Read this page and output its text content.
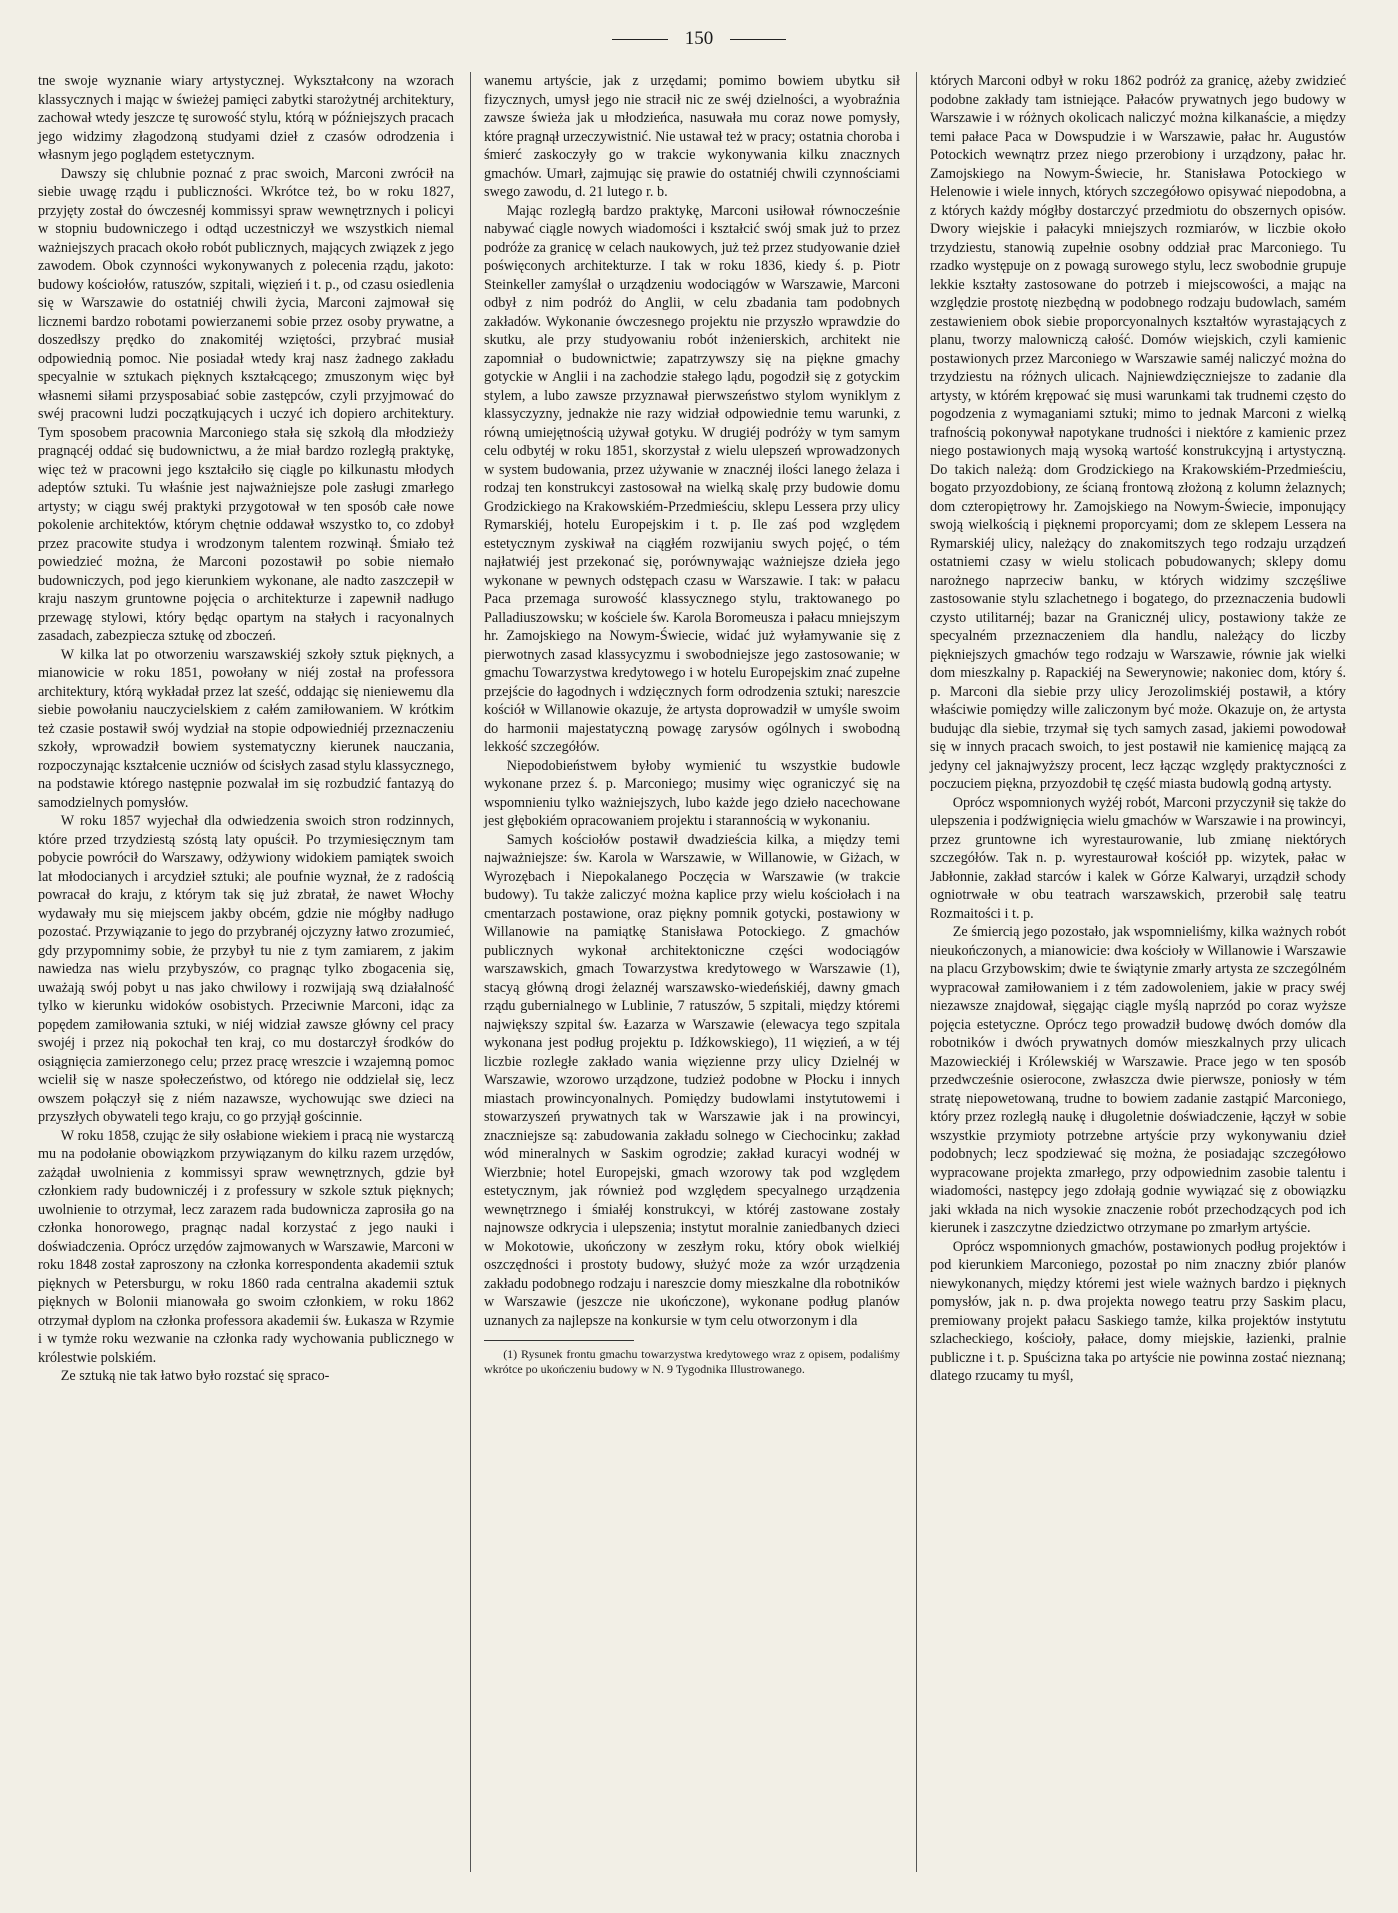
150

tne swoje wyznanie wiary artystycznej. Wykształcony na wzorach klassycznych i mając w świeżej pamięci zabytki starożytnéj architektury, zachował wtedy jeszcze tę surowość stylu, którą w późniejszych pracach jego widzimy złagodzoną studyami dzieł z czasów odrodzenia i własnym jego poglądem estetycznym.

Dawszy się chlubnie poznać z prac swoich, Marconi zwrócił na siebie uwagę rządu i publiczności. Wkrótce też, bo w roku 1827, przyjęty został do ówczesnéj kommissyi spraw wewnętrznych i policyi w stopniu budowniczego i odtąd uczestniczył we wszystkich niemal ważniejszych pracach około robót publicznych, mających związek z jego zawodem. Obok czynności wykonywanych z polecenia rządu, jakoto: budowy kościołów, ratuszów, szpitali, więzień i t. p., od czasu osiedlenia się w Warszawie do ostatniéj chwili życia, Marconi zajmował się licznemi bardzo robotami powierzanemi sobie przez osoby prywatne, a doszedłszy prędko do znakomitéj wziętości, przybrać musiał odpowiednią pomoc. Nie posiadał wtedy kraj nasz żadnego zakładu specyalnie w sztukach pięknych kształcącego; zmuszonym więc był własnemi siłami przysposabiać sobie zastępców, czyli przyjmować do swéj pracowni ludzi początkujących i uczyć ich dopiero architektury. Tym sposobem pracownia Marconiego stała się szkołą dla młodzieży pragnącéj oddać się budownictwu, a że miał bardzo rozległą praktykę, więc też w pracowni jego kształciło się ciągle po kilkunastu młodych adeptów sztuki. Tu właśnie jest najważniejsze pole zasługi zmarłego artysty; w ciągu swéj praktyki przygotował w ten sposób całe nowe pokolenie architektów, którym chętnie oddawał wszystko to, co zdobył przez pracowite studya i wrodzonym talentem rozwinął. Śmiało też powiedzieć można, że Marconi pozostawił po sobie niemało budowniczych, pod jego kierunkiem wykonane, ale nadto zaszczepił w kraju naszym gruntowne pojęcia o architekturze i zapewnił nadługo przewagę stylowi, który będąc opartym na stałych i racyonalnych zasadach, zabezpiecza sztukę od zboczeń.

W kilka lat po otworzeniu warszawskiéj szkoły sztuk pięknych, a mianowicie w roku 1851, powołany w niéj został na professora architektury, którą wykładał przez lat sześć, oddając się nieniewemu dla siebie powołaniu nauczycielskiem z całém zamiłowaniem. W krótkim też czasie postawił swój wydział na stopie odpowiedniéj przeznaczeniu szkoły, wprowadził bowiem systematyczny kierunek nauczania, rozpoczynając kształcenie uczniów od ścisłych zasad stylu klassycznego, na podstawie którego następnie pozwalał im się rozbudzić fantazyą do samodzielnych pomysłów.

W roku 1857 wyjechał dla odwiedzenia swoich stron rodzinnych, które przed trzydziestą szóstą laty opuścił. Po trzymiesięcznym tam pobycie powrócił do Warszawy, odżywiony widokiem pamiątek swoich lat młodocianych i arcydzieł sztuki; ale poufnie wyznał, że z radością powracał do kraju, z którym tak się już zbratał, że nawet Włochy wydawały mu się miejscem jakby obcém, gdzie nie mógłby nadługo pozostać. Przywiązanie to jego do przybranéj ojczyzny łatwo zrozumieć, gdy przypomnimy sobie, że przybył tu nie z tym zamiarem, z jakim nawiedza nas wielu przybyszów, co pragnąc tylko zbogacenia się, uważają swój pobyt u nas jako chwilowy i rozwijają swą działalność tylko w kierunku widoków osobistych. Przeciwnie Marconi, idąc za popędem zamiłowania sztuki, w niéj widział zawsze główny cel pracy swojéj i przez nią pokochał ten kraj, co mu dostarczył środków do osiągnięcia zamierzonego celu; przez pracę wreszcie i wzajemną pomoc wcielił się w nasze społeczeństwo, od którego nie oddzielał się, lecz owszem połączył się z niém nazawsze, wychowując swe dzieci na przyszłych obywateli tego kraju, co go przyjął gościnnie.

W roku 1858, czując że siły osłabione wiekiem i pracą nie wystarczą mu na podołanie obowiązkom przywiązanym do kilku razem urzędów, zażądał uwolnienia z kommissyi spraw wewnętrznych, gdzie był członkiem rady budowniczéj i z professury w szkole sztuk pięknych; uwolnienie to otrzymał, lecz zarazem rada budownicza zaprosiła go na członka honorowego, pragnąc nadal korzystać z jego nauki i doświadczenia. Oprócz urzędów zajmowanych w Warszawie, Marconi w roku 1848 został zaproszony na członka korrespondenta akademii sztuk pięknych w Petersburgu, w roku 1860 rada centralna akademii sztuk pięknych w Bolonii mianowała go swoim członkiem, w roku 1862 otrzymał dyplom na członka professora akademii św. Łukasza w Rzymie i w tymże roku wezwanie na członka rady wychowania publicznego w królestwie polskiém.

Ze sztuką nie tak łatwo było rozstać się spraco-

wanemu artyście, jak z urzędami; pomimo bowiem ubytku sił fizycznych, umysł jego nie stracił nic ze swéj dzielności, a wyobraźnia zawsze świeża jak u młodzieńca, nasuwała mu coraz nowe pomysły, które pragnął urzeczywistnić. Nie ustawał też w pracy; ostatnia choroba i śmierć zaskoczyły go w trakcie wykonywania kilku znacznych gmachów. Umarł, zajmując się prawie do ostatniéj chwili czynnościami swego zawodu, d. 21 lutego r. b.

Mając rozległą bardzo praktykę, Marconi usiłował równocześnie nabywać ciągle nowych wiadomości i kształcić swój smak już to przez podróże za granicę w celach naukowych, już też przez studyowanie dzieł poświęconych architekturze. I tak w roku 1836, kiedy ś. p. Piotr Steinkeller zamyślał o urządzeniu wodociągów w Warszawie, Marconi odbył z nim podróż do Anglii, w celu zbadania tam podobnych zakładów. Wykonanie ówczesnego projektu nie przyszło wprawdzie do skutku, ale przy studyowaniu robót inżenierskich, architekt nie zapomniał o budownictwie; zapatrzywszy się na piękne gmachy gotyckie w Anglii i na zachodzie stałego lądu, pogodził się z gotyckim stylem, a lubo zawsze przyznawał pierwszeństwo stylom wyniklym z klassyczyzny, jednakże nie razy widział odpowiednie temu warunki, z równą umiejętnością używał gotyku. W drugiéj podróży w tym samym celu odbytéj w roku 1851, skorzystał z wielu ulepszeń wprowadzonych w system budowania, przez używanie w znacznéj ilości lanego żelaza i rodzaj ten konstrukcyi zastosował na wielką skalę przy budowie domu Grodzickiego na Krakowskiém-Przedmieściu, sklepu Lessera przy ulicy Rymarskiéj, hotelu Europejskim i t. p. Ile zaś pod względem estetycznym zyskiwał na ciągłém rozwijaniu swych pojęć, o tém najłatwiéj jest przekonać się, porównywając ważniejsze dzieła jego wykonane w pewnych odstępach czasu w Warszawie. I tak: w pałacu Paca przemaga surowość klassycznego stylu, traktowanego po Palladiuszowsku; w kościele św. Karola Boromeusza i pałacu mniejszym hr. Zamojskiego na Nowym-Świecie, widać już wyłamywanie się z pierwotnych zasad klassycyzmu i swobodniejsze jego zastosowanie; w gmachu Towarzystwa kredytowego i w hotelu Europejskim znać zupełne przejście do łagodnych i wdzięcznych form odrodzenia sztuki; nareszcie kościół w Willanowie okazuje, że artysta doprowadził w umyśle swoim do harmonii majestatyczną powagę zarysów ogólnych i swobodną lekkość szczegółów.

Niepodobieństwem byłoby wymienić tu wszystkie budowle wykonane przez ś. p. Marconiego; musimy więc ograniczyć się na wspomnieniu tylko ważniejszych, lubo każde jego dzieło nacechowane jest głębokiém opracowaniem projektu i starannością w wykonaniu.

Samych kościołów postawił dwadzieścia kilka, a między temi najważniejsze: św. Karola w Warszawie, w Willanowie, w Giżach, w Wyrozębach i Niepokalanego Poczęcia w Warszawie (w trakcie budowy). Tu także zaliczyć można kaplice przy wielu kościołach i na cmentarzach postawione, oraz piękny pomnik gotycki, postawiony w Willanowie na pamiątkę Stanisława Potockiego. Z gmachów publicznych wykonał architektoniczne części wodociągów warszawskich, gmach Towarzystwa kredytowego w Warszawie (1), stacyą główną drogi żelaznéj warszawsko-wiedeńskiéj, dawny gmach rządu gubernialnego w Lublinie, 7 ratuszów, 5 szpitali, między któremi największy szpital św. Łazarza w Warszawie (elewacya tego szpitala wykonana jest podług projektu p. Idźkowskiego), 11 więzień, a w téj liczbie rozległe zakłado wania więzienne przy ulicy Dzielnéj w Warszawie, wzorowo urządzone, tudzież podobne w Płocku i innych miastach prowincyonalnych. Pomiędzy budowlami instytutowemi i stowarzyszeń prywatnych tak w Warszawie jak i na prowincyi, znaczniejsze są: zabudowania zakładu solnego w Ciechocinku; zakład wód mineralnych w Saskim ogrodzie; zakład kuracyi wodnéj w Wierzbnie; hotel Europejski, gmach wzorowy tak pod względem estetycznym, jak również pod względem specyalnego urządzenia wewnętrznego i śmiałéj konstrukcyi, w któréj zastowane zostały najnowsze odkrycia i ulepszenia; instytut moralnie zaniedbanych dzieci w Mokotowie, ukończony w zeszłym roku, który obok wielkiéj oszczędności i prostoty budowy, służyć może za wzór urządzenia zakładu podobnego rodzaju i nareszcie domy mieszkalne dla robotników w Warszawie (jeszcze nie ukończone), wykonane podług planów uznanych za najlepsze na konkursie w tym celu otworzonym i dla

(1) Rysunek frontu gmachu towarzystwa kredytowego wraz z opisem, podaliśmy wkrótce po ukończeniu budowy w N. 9 Tygodnika Illustrowanego.

których Marconi odbył w roku 1862 podróż za granicę, ażeby zwidzieć podobne zakłady tam istniejące. Pałaców prywatnych jego budowy w Warszawie i w różnych okolicach naliczyć można kilkanaście, a między temi pałace Paca w Dowspudzie i w Warszawie, pałac hr. Augustów Potockich wewnątrz przez niego przerobiony i urządzony, pałac hr. Zamojskiego na Nowym-Świecie, hr. Stanisława Potockiego w Helenowie i wiele innych, których szczegółowo opisywać niepodobna, a z których każdy mógłby dostarczyć przedmiotu do obszernych opisów. Dwory wiejskie i pałacyki mniejszych rozmiarów, w liczbie około trzydziestu, stanowią zupełnie osobny oddział prac Marconiego. Tu rzadko występuje on z powagą surowego stylu, lecz swobodnie grupuje lekkie kształty zastosowane do potrzeb i miejscowości, a mając na względzie prostotę niezbędną w podobnego rodzaju budowlach, samém zestawieniem obok siebie proporcyonalnych kształtów wyrastających z planu, tworzy malowniczą całość. Domów wiejskich, czyli kamienic postawionych przez Marconiego w Warszawie saméj naliczyć można do trzydziestu na różnych ulicach. Najniewdzięczniejsze to zadanie dla artysty, w którém krępować się musi warunkami tak trudnemi często do pogodzenia z wymaganiami sztuki; mimo to jednak Marconi z wielką trafnością pokonywał napotykane trudności i niektóre z kamienic przez niego postawionych mają wysoką wartość konstrukcyjną i artystyczną. Do takich należą: dom Grodzickiego na Krakowskiém-Przedmieściu, bogato przyozdobiony, ze ścianą frontową złożoną z kolumn żelaznych; dom czteropiętrowy hr. Zamojskiego na Nowym-Świecie, imponujący swoją wielkością i pięknemi proporcyami; dom ze sklepem Lessera na Rymarskiéj ulicy, należący do znakomitszych tego rodzaju urządzeń ostatniemi czasy w wielu stolicach pobudowanych; sklepy domu narożnego naprzeciw banku, w których widzimy szczęśliwe zastosowanie stylu szlachetnego i bogatego, do przeznaczenia budowli czysto utilitarnéj; bazar na Granicznéj ulicy, postawiony także ze specyalném przeznaczeniem dla handlu, należący do liczby piękniejszych gmachów tego rodzaju w Warszawie, równie jak wielki dom mieszkalny p. Rapackiéj na Sewerynowie; nakoniec dom, który ś. p. Marconi dla siebie przy ulicy Jerozolimskiéj postawił, a który właściwie pomiędzy wille zaliczonym być może. Okazuje on, że artysta budując dla siebie, trzymał się tych samych zasad, jakiemi powodował się w innych pracach swoich, to jest postawił nie kamienicę mającą za jedyny cel jaknajwyższy procent, lecz łącząc względy praktyczności z poczuciem piękna, przyozdobił tę część miasta budowlą godną artysty.

Oprócz wspomnionych wyżéj robót, Marconi przyczynił się także do ulepszenia i podźwignięcia wielu gmachów w Warszawie i na prowincyi, przez gruntowne ich wyrestaurowanie, lub zmianę niektórych szczegółów. Tak n. p. wyrestaurował kościół pp. wizytek, pałac w Jabłonnie, zakład starców i kalek w Górze Kalwaryi, urządził schody ogniotrwałe w obu teatrach warszawskich, przerobił salę teatru Rozmaitości i t. p.

Ze śmiercią jego pozostało, jak wspomnieliśmy, kilka ważnych robót nieukończonych, a mianowicie: dwa kościoły w Willanowie i Warszawie na placu Grzybowskim; dwie te świątynie zmarły artysta ze szczególném wypracował zamiłowaniem i z tém zadowoleniem, jakie w pracy swéj niezawsze znajdował, sięgając ciągle myślą naprzód po coraz wyższe pojęcia estetyczne. Oprócz tego prowadził budowę dwóch domów dla robotników i dwóch prywatnych domów mieszkalnych przy ulicach Mazowieckiéj i Królewskiéj w Warszawie. Prace jego w ten sposób przedwcześnie osierocone, zwłaszcza dwie pierwsze, poniosły w tém stratę niepowetowaną, trudne to bowiem zadanie zastąpić Marconiego, który przez rozległą naukę i długoletnie doświadczenie, łączył w sobie wszystkie przymioty potrzebne artyście przy wykonywaniu dzieł podobnych; lecz spodziewać się można, że posiadając szczegółowo wypracowane projekta zmarłego, przy odpowiednim zasobie talentu i wiadomości, następcy jego zdołają godnie wywiązać się z obowiązku jaki wkłada na nich wysokie znaczenie robót przechodzących pod ich kierunek i zaszczytne dziedzictwo otrzymane po zmarłym artyście.

Oprócz wspomnionych gmachów, postawionych podług projektów i pod kierunkiem Marconiego, pozostał po nim znaczny zbiór planów niewykonanych, między któremi jest wiele ważnych bardzo i pięknych pomysłów, jak n. p. dwa projekta nowego teatru przy Saskim placu, premiowany projekt pałacu Saskiego tamże, kilka projektów instytutu szlacheckiego, kościoły, pałace, domy miejskie, łazienki, pralnie publiczne i t. p. Spuścizna taka po artyście nie powinna zostać nieznaną; dlatego rzucamy tu myśl,
